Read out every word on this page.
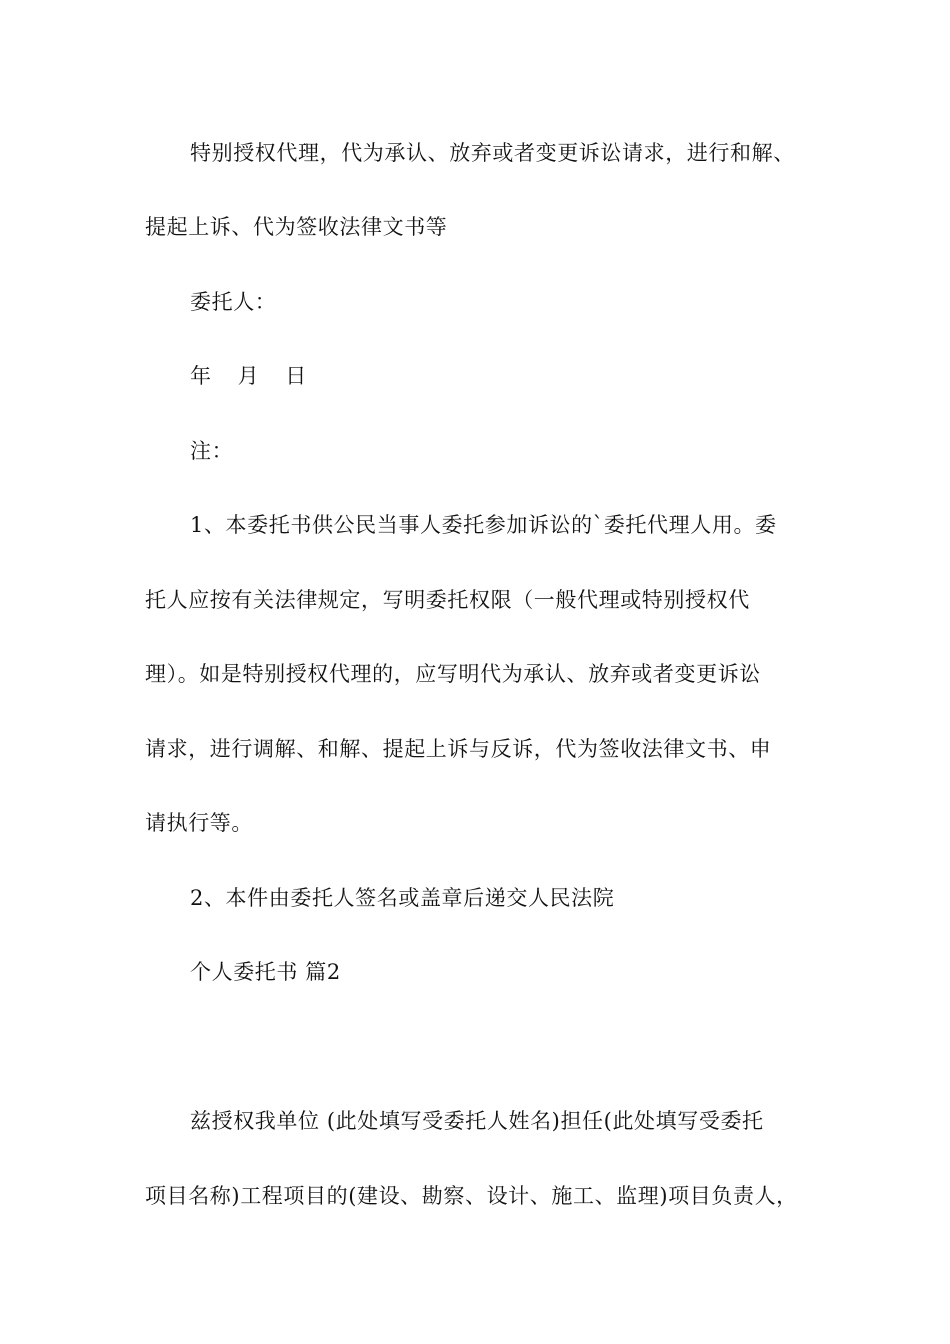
特别授权代理，代为承认、放弃或者变更诉讼请求，进行和解、
提起上诉、代为签收法律文书等
委托人：
年 月 日
注：
1、本委托书供公民当事人委托参加诉讼的`委托代理人用。委
托人应按有关法律规定，写明委托权限（一般代理或特别授权代
理）。如是特别授权代理的，应写明代为承认、放弃或者变更诉讼
请求，进行调解、和解、提起上诉与反诉，代为签收法律文书、申
请执行等。
2、本件由委托人签名或盖章后递交人民法院
个人委托书 篇2
兹授权我单位 (此处填写受委托人姓名)担任(此处填写受委托
项目名称)工程项目的(建设、勘察、设计、施工、监理)项目负责人，
